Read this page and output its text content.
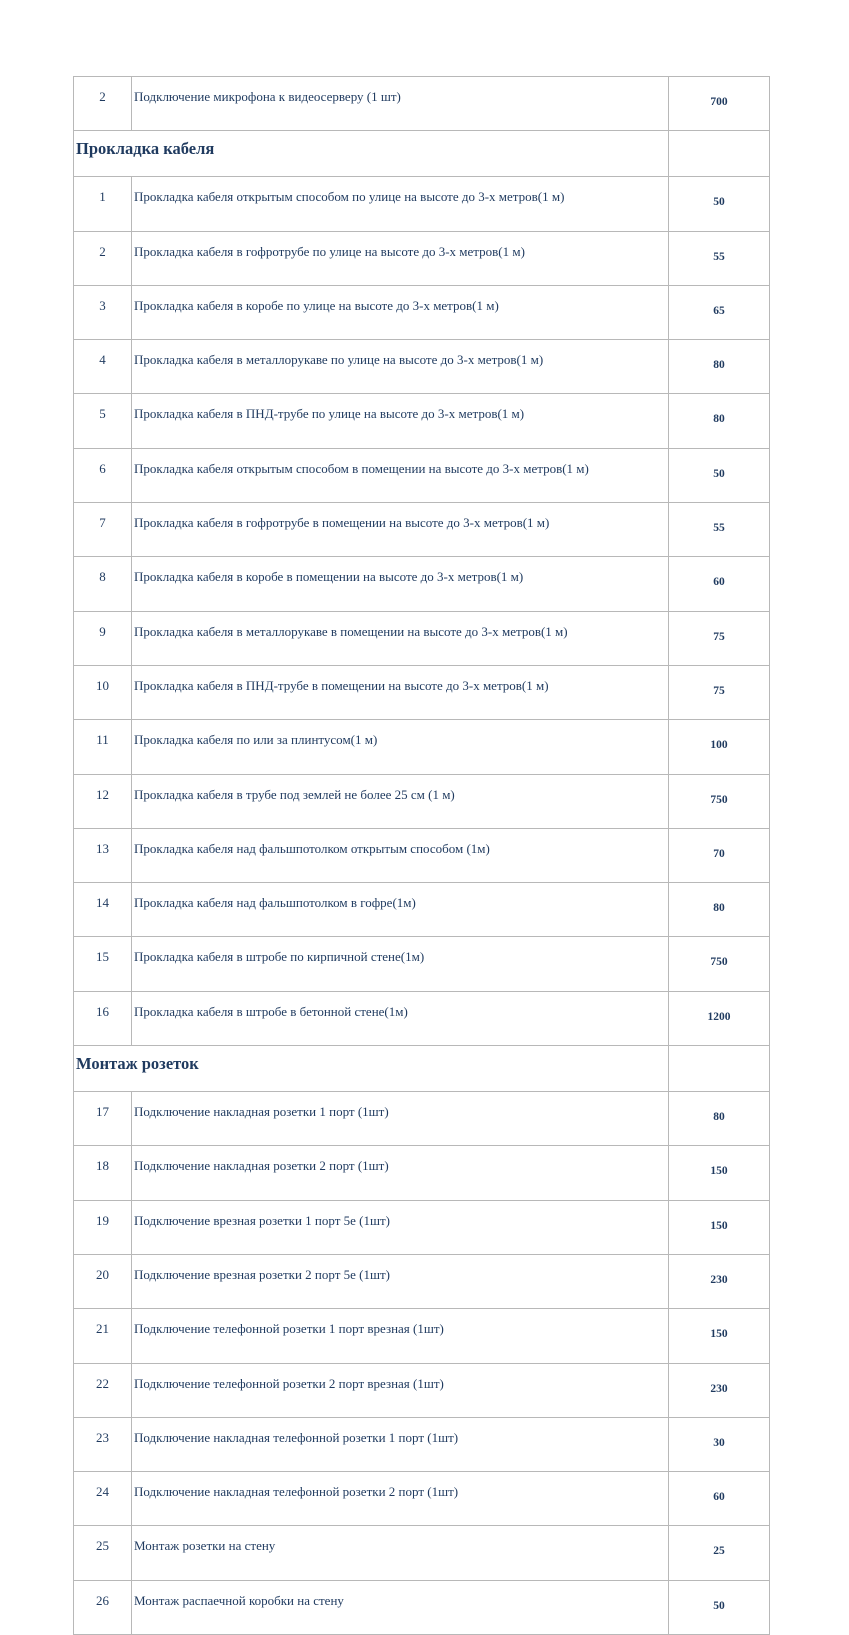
2	Подключение микрофона к видеосерверу (1 шт)	700
Прокладка кабеля		
1	Прокладка кабеля открытым способом по улице на высоте до 3-х метров(1 м)	50
2	Прокладка кабеля в гофротрубе по улице на высоте до 3-х метров(1 м)	55
3	Прокладка кабеля в коробе по улице на высоте до 3-х метров(1 м)	65
4	Прокладка кабеля в металлорукаве по улице на высоте до 3-х метров(1 м)	80
5	Прокладка кабеля в ПНД-трубе по улице на высоте до 3-х метров(1 м)	80
6	Прокладка кабеля открытым способом в помещении на высоте до 3-х метров(1 м)	50
7	Прокладка кабеля в гофротрубе в помещении на высоте до 3-х метров(1 м)	55
8	Прокладка кабеля в коробе в помещении на высоте до 3-х метров(1 м)	60
9	Прокладка кабеля в металлорукаве в помещении на высоте до 3-х метров(1 м)	75
10	Прокладка кабеля в ПНД-трубе в помещении на высоте до 3-х метров(1 м)	75
11	Прокладка кабеля по или за плинтусом(1 м)	100
12	Прокладка кабеля в трубе под землей не более 25 см (1 м)	750
13	Прокладка кабеля над фальшпотолком открытым способом (1м)	70
14	Прокладка кабеля над фальшпотолком в гофре(1м)	80
15	Прокладка кабеля в штробе по кирпичной стене(1м)	750
16	Прокладка кабеля в штробе в бетонной стене(1м)	1200
Монтаж розеток		
17	Подключение накладная розетки 1 порт (1шт)	80
18	Подключение накладная розетки 2 порт (1шт)	150
19	Подключение врезная розетки 1 порт 5е (1шт)	150
20	Подключение врезная розетки 2 порт 5е (1шт)	230
21	Подключение телефонной розетки 1 порт врезная (1шт)	150
22	Подключение телефонной розетки 2 порт врезная (1шт)	230
23	Подключение накладная телефонной розетки 1 порт (1шт)	30
24	Подключение накладная телефонной розетки 2 порт (1шт)	60
25	Монтаж розетки на стену	25
26	Монтаж распаечной коробки на стену	50
